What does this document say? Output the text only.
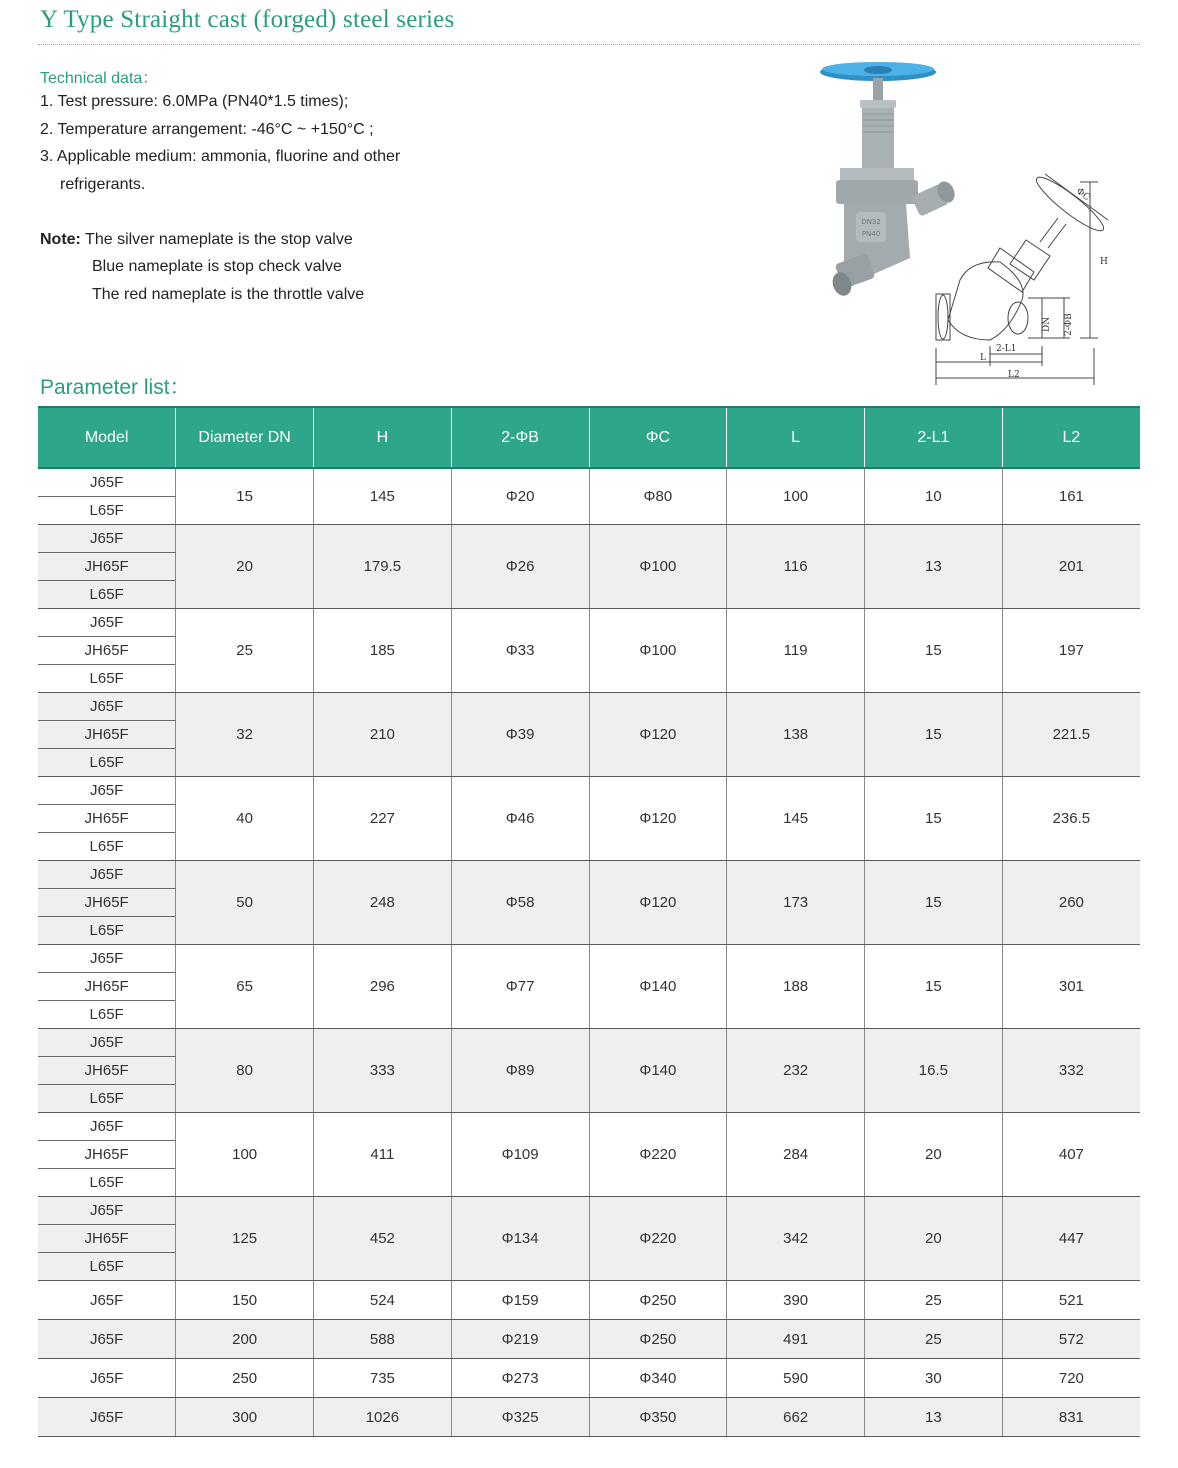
Y Type Straight cast (forged) steel series
Technical data：
1. Test pressure: 6.0MPa (PN40*1.5 times);
2. Temperature arrangement: -46°C ~ +150°C ;
3. Applicable medium: ammonia, fluorine and other
refrigerants.
Note: The silver nameplate is the stop valve
Blue nameplate is stop check valve
The red nameplate is the throttle valve
DN32
PN40
ΦC
H
DN 2-ΦB
2-L1
L
L2
Parameter list：
Model	Diameter DN	H	2-ΦB	ΦC	L	2-L1	L2
J65F	15	145	Φ20	Φ80	100	10	161
L65F							
J65F	20	179.5	Φ26	Φ100	116	13	201
JH65F							
L65F							
J65F	25	185	Φ33	Φ100	119	15	197
JH65F							
L65F							
J65F	32	210	Φ39	Φ120	138	15	221.5
JH65F							
L65F							
J65F	40	227	Φ46	Φ120	145	15	236.5
JH65F							
L65F							
J65F	50	248	Φ58	Φ120	173	15	260
JH65F							
L65F							
J65F	65	296	Φ77	Φ140	188	15	301
JH65F							
L65F							
J65F	80	333	Φ89	Φ140	232	16.5	332
JH65F							
L65F							
J65F	100	411	Φ109	Φ220	284	20	407
JH65F							
L65F							
J65F	125	452	Φ134	Φ220	342	20	447
JH65F							
L65F							
J65F	150	524	Φ159	Φ250	390	25	521
J65F	200	588	Φ219	Φ250	491	25	572
J65F	250	735	Φ273	Φ340	590	30	720
J65F	300	1026	Φ325	Φ350	662	13	831
